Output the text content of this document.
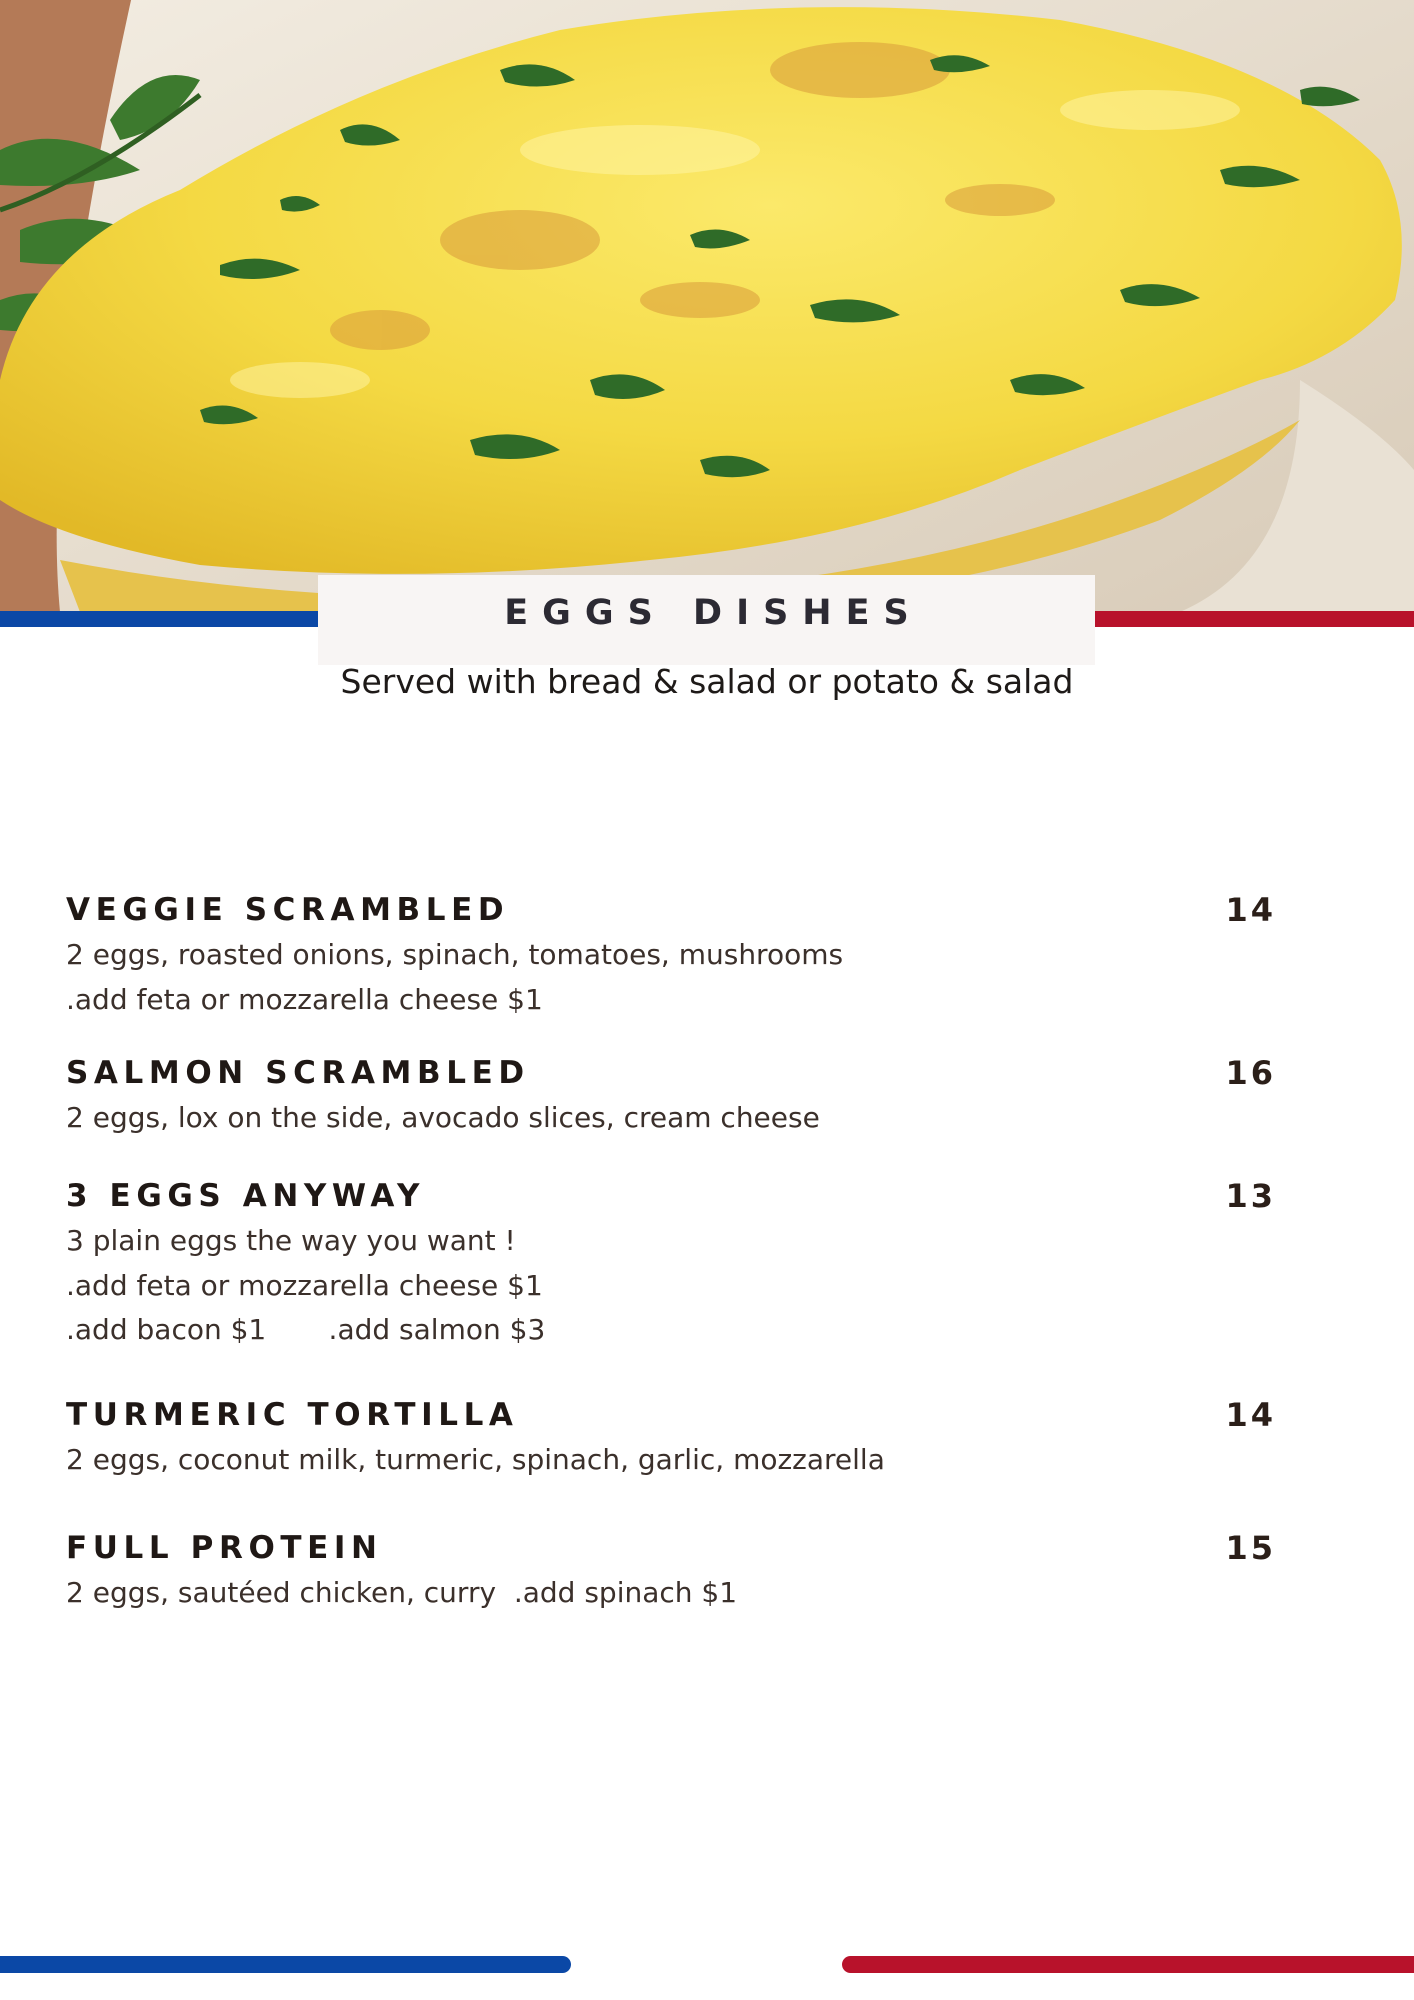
EGGS DISHES

Served with bread & salad or potato & salad

VEGGIE SCRAMBLED	14

2 eggs, roasted onions, spinach, tomatoes, mushrooms

.add feta or mozzarella cheese $1

SALMON SCRAMBLED	16

2 eggs, lox on the side, avocado slices, cream cheese

3 EGGS ANYWAY	13

3 plain eggs the way you want !

.add feta or mozzarella cheese $1

.add bacon $1       .add salmon $3

TURMERIC TORTILLA	14

2 eggs, coconut milk, turmeric, spinach, garlic, mozzarella

FULL PROTEIN	15

2 eggs, sautéed chicken, curry  .add spinach $1
